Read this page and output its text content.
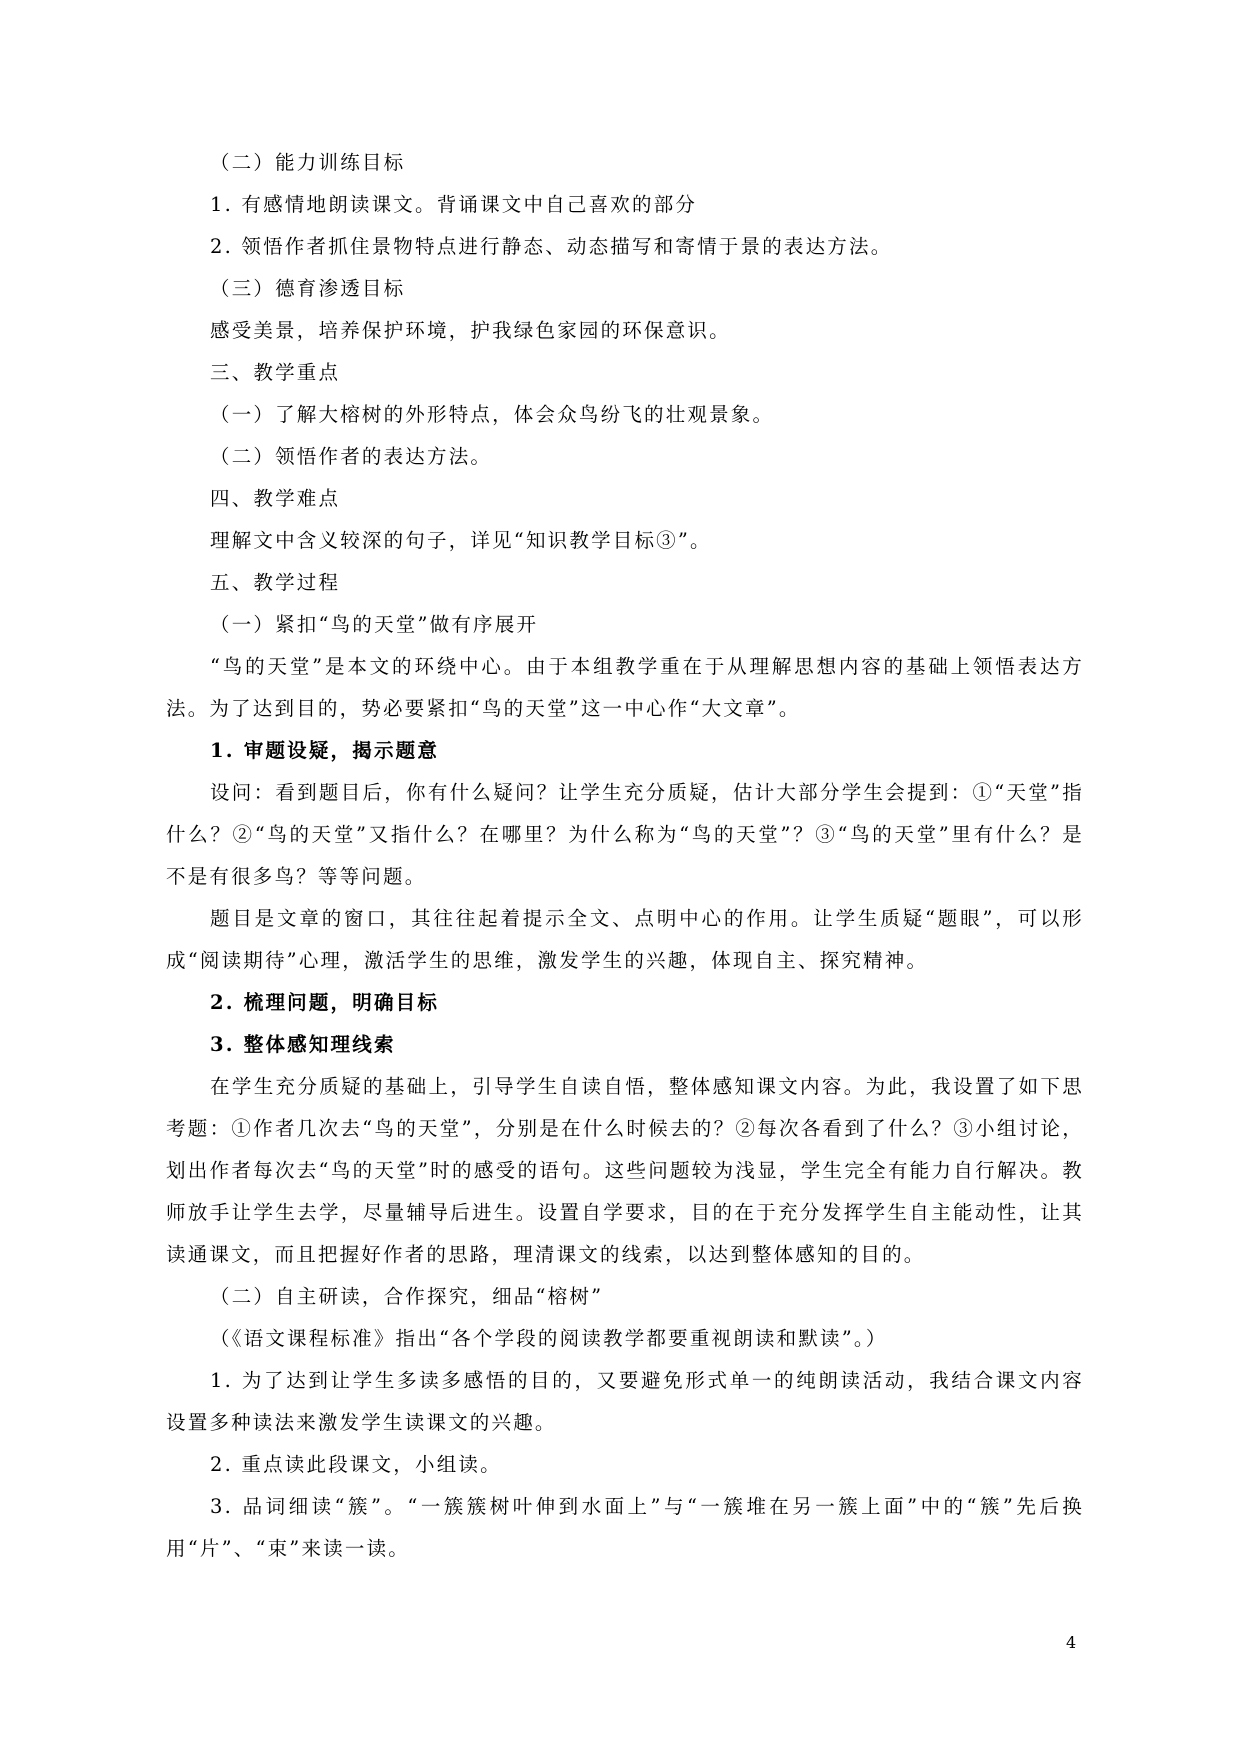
（二）能力训练目标
1. 有感情地朗读课文。背诵课文中自己喜欢的部分
2. 领悟作者抓住景物特点进行静态、动态描写和寄情于景的表达方法。
（三）德育渗透目标
感受美景，培养保护环境，护我绿色家园的环保意识。
三、教学重点
（一）了解大榕树的外形特点，体会众鸟纷飞的壮观景象。
（二）领悟作者的表达方法。
四、教学难点
理解文中含义较深的句子，详见“知识教学目标③”。
五、教学过程
（一）紧扣“鸟的天堂”做有序展开
“鸟的天堂”是本文的环绕中心。由于本组教学重在于从理解思想内容的基础上领悟表达方法。为了达到目的，势必要紧扣“鸟的天堂”这一中心作“大文章”。
1. 审题设疑，揭示题意
设问：看到题目后，你有什么疑问？让学生充分质疑，估计大部分学生会提到：①“天堂”指什么？②“鸟的天堂”又指什么？在哪里？为什么称为“鸟的天堂”？③“鸟的天堂”里有什么？是不是有很多鸟？等等问题。
题目是文章的窗口，其往往起着提示全文、点明中心的作用。让学生质疑“题眼”，可以形成“阅读期待”心理，激活学生的思维，激发学生的兴趣，体现自主、探究精神。
2. 梳理问题，明确目标
3. 整体感知理线索
在学生充分质疑的基础上，引导学生自读自悟，整体感知课文内容。为此，我设置了如下思考题：①作者几次去“鸟的天堂”，分别是在什么时候去的？②每次各看到了什么？③小组讨论，划出作者每次去“鸟的天堂”时的感受的语句。这些问题较为浅显，学生完全有能力自行解决。教师放手让学生去学，尽量辅导后进生。设置自学要求，目的在于充分发挥学生自主能动性，让其读通课文，而且把握好作者的思路，理清课文的线索，以达到整体感知的目的。
（二）自主研读，合作探究，细品“榕树”
（《语文课程标准》指出“各个学段的阅读教学都要重视朗读和默读”。）
1. 为了达到让学生多读多感悟的目的，又要避免形式单一的纯朗读活动，我结合课文内容设置多种读法来激发学生读课文的兴趣。
2. 重点读此段课文，小组读。
3. 品词细读“簇”。“一簇簇树叶伸到水面上”与“一簇堆在另一簇上面”中的“簇”先后换用“片”、“束”来读一读。
4
